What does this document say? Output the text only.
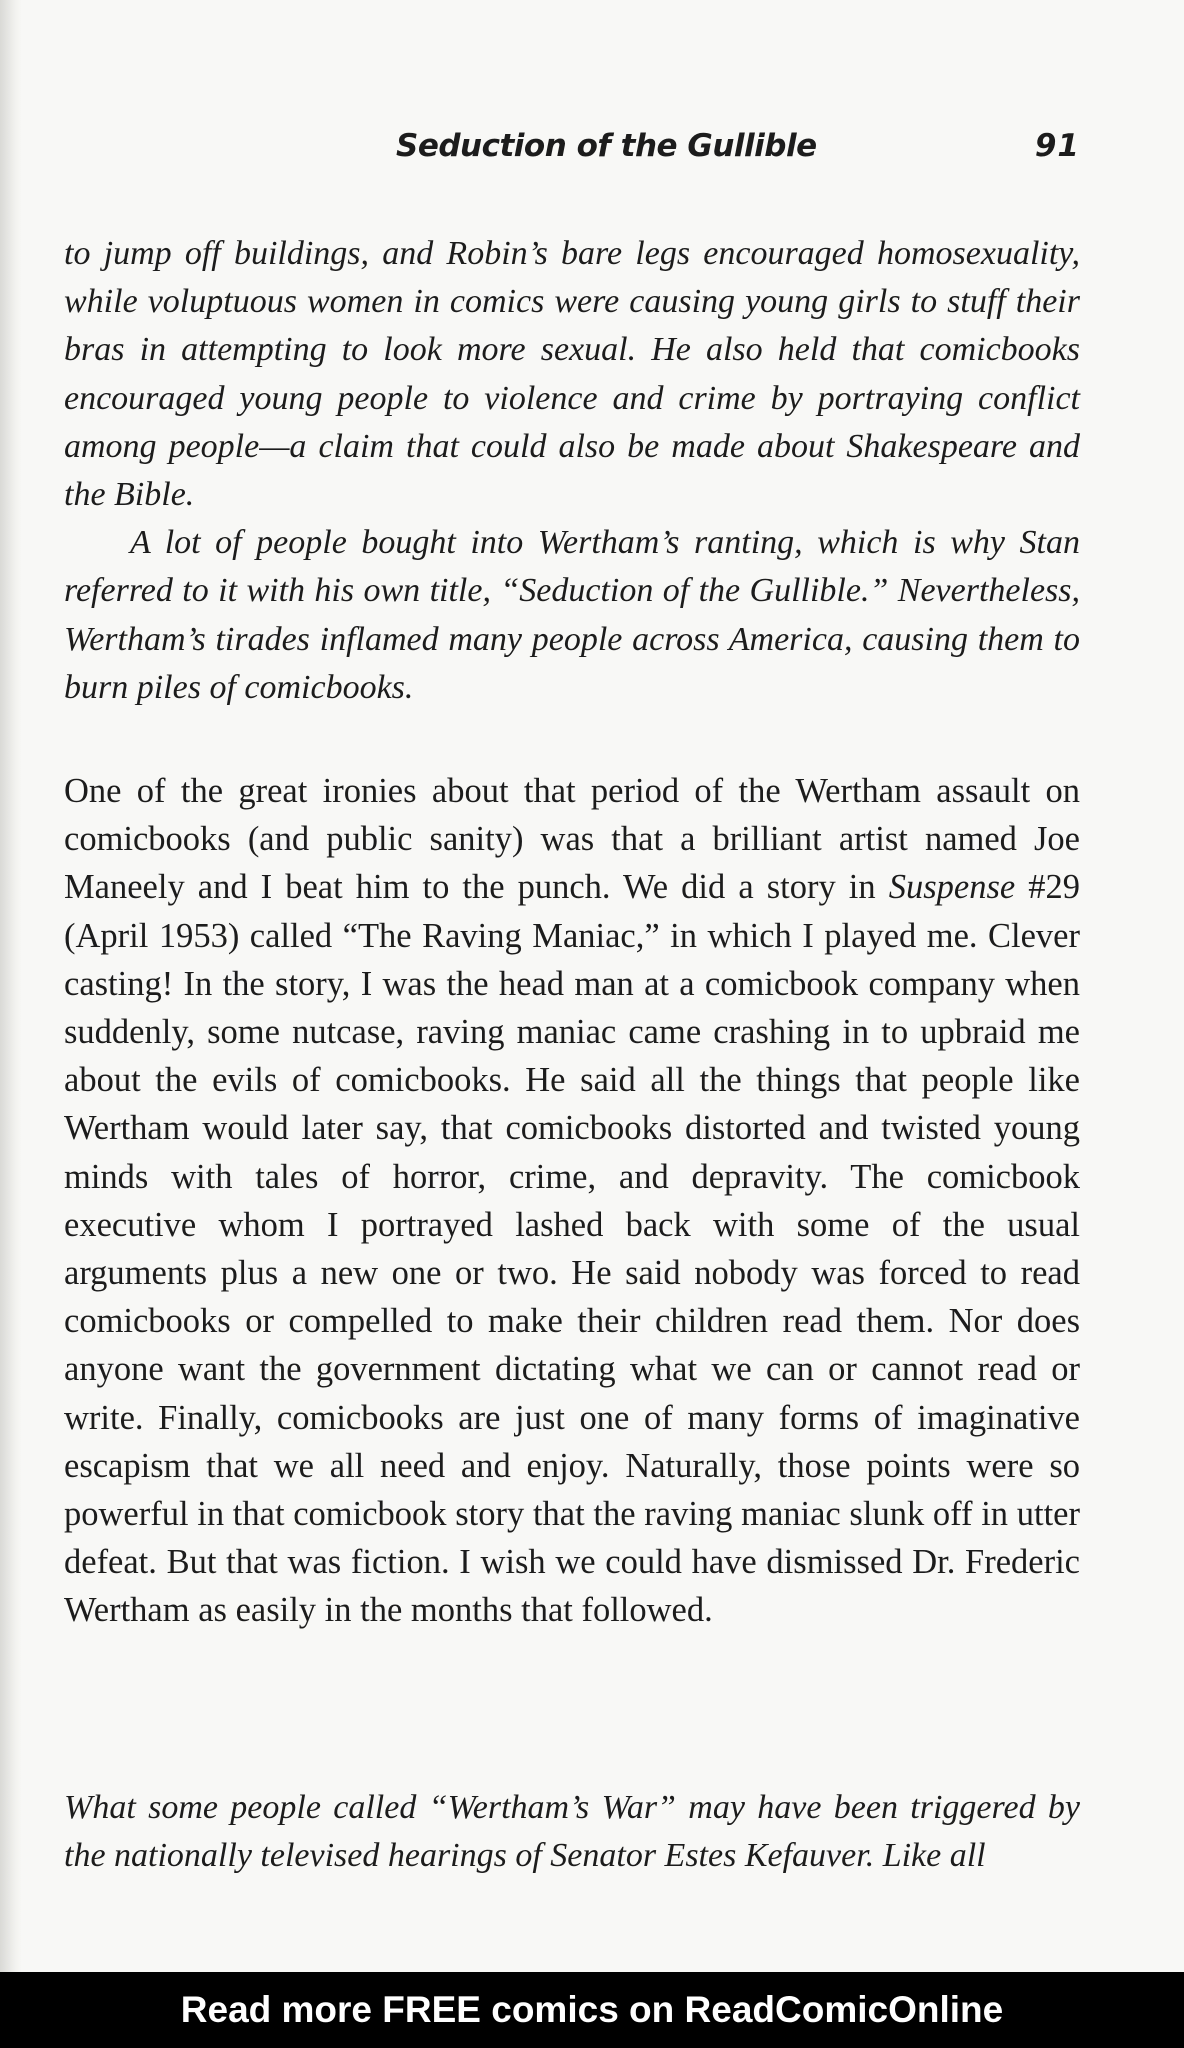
Seduction of the Gullible	91

to jump off buildings, and Robin’s bare legs encouraged homosexuality, while voluptuous women in comics were causing young girls to stuff their bras in attempting to look more sexual. He also held that comicbooks encouraged young people to violence and crime by portraying conflict among people—a claim that could also be made about Shakespeare and the Bible.

A lot of people bought into Wertham’s ranting, which is why Stan referred to it with his own title, “Seduction of the Gullible.” Nevertheless, Wertham’s tirades inflamed many people across America, causing them to burn piles of comicbooks.

One of the great ironies about that period of the Wertham assault on comicbooks (and public sanity) was that a brilliant artist named Joe Maneely and I beat him to the punch. We did a story in Suspense #29 (April 1953) called “The Raving Maniac,” in which I played me. Clever casting! In the story, I was the head man at a comicbook company when suddenly, some nutcase, raving maniac came crashing in to upbraid me about the evils of comicbooks. He said all the things that people like Wertham would later say, that comicbooks distorted and twisted young minds with tales of horror, crime, and depravity. The comicbook executive whom I portrayed lashed back with some of the usual arguments plus a new one or two. He said nobody was forced to read comicbooks or compelled to make their children read them. Nor does anyone want the government dictating what we can or cannot read or write. Finally, comicbooks are just one of many forms of imaginative escapism that we all need and enjoy. Naturally, those points were so powerful in that comicbook story that the raving maniac slunk off in utter defeat. But that was fiction. I wish we could have dismissed Dr. Frederic Wertham as easily in the months that followed.

What some people called “Wertham’s War” may have been triggered by the nationally televised hearings of Senator Estes Kefauver. Like all

Read more FREE comics on ReadComicOnline
